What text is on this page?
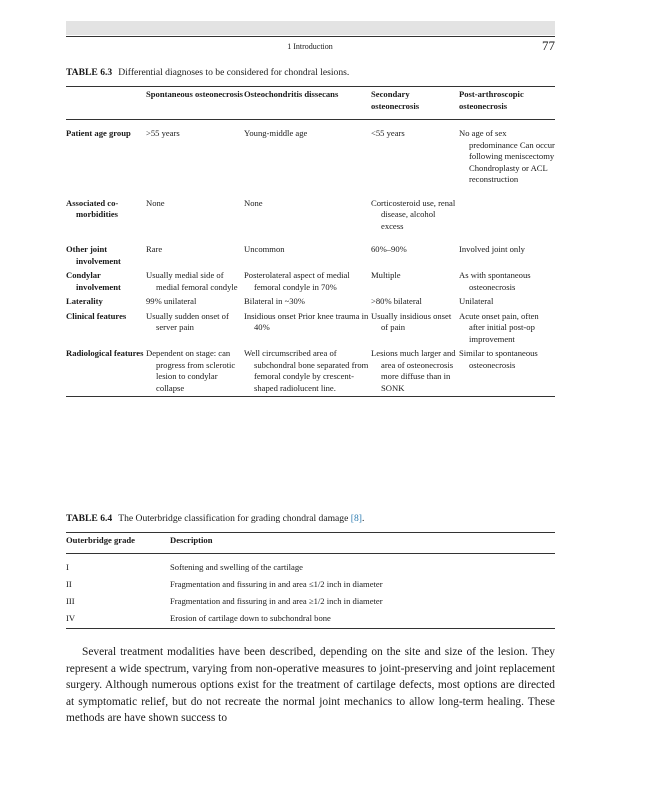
1 Introduction	77
TABLE 6.3 Differential diagnoses to be considered for chondral lesions.
	Spontaneous osteonecrosis	Osteochondritis dissecans	Secondary osteonecrosis	Post-arthroscopic osteonecrosis
Patient age group	>55 years	Young-middle age	<55 years	No age of sex predominance Can occur following meniscectomy Chondroplasty or ACL reconstruction
Associated co-morbidities	None	None	Corticosteroid use, renal disease, alcohol excess	
Other joint involvement	Rare	Uncommon	60%–90%	Involved joint only
Condylar involvement	Usually medial side of medial femoral condyle	Posterolateral aspect of medial femoral condyle in 70%	Multiple	As with spontaneous osteonecrosis
Laterality	99% unilateral	Bilateral in ~30%	>80% bilateral	Unilateral
Clinical features	Usually sudden onset of server pain	Insidious onset Prior knee trauma in 40%	Usually insidious onset of pain	Acute onset pain, often after initial post-op improvement
Radiological features	Dependent on stage: can progress from sclerotic lesion to condylar collapse	Well circumscribed area of subchondral bone separated from femoral condyle by crescent-shaped radiolucent line.	Lesions much larger and area of osteonecrosis more diffuse than in SONK	Similar to spontaneous osteonecrosis
TABLE 6.4 The Outerbridge classification for grading chondral damage [8].
Outerbridge grade	Description
I	Softening and swelling of the cartilage
II	Fragmentation and fissuring in and area ≤1/2 inch in diameter
III	Fragmentation and fissuring in and area ≥1/2 inch in diameter
IV	Erosion of cartilage down to subchondral bone

Several treatment modalities have been described, depending on the site and size of the lesion. They represent a wide spectrum, varying from non-operative measures to joint-preserving and joint replacement surgery. Although numerous options exist for the treatment of cartilage defects, most options are directed at symptomatic relief, but do not recreate the normal joint mechanics to allow long-term healing. These methods are have shown success to
